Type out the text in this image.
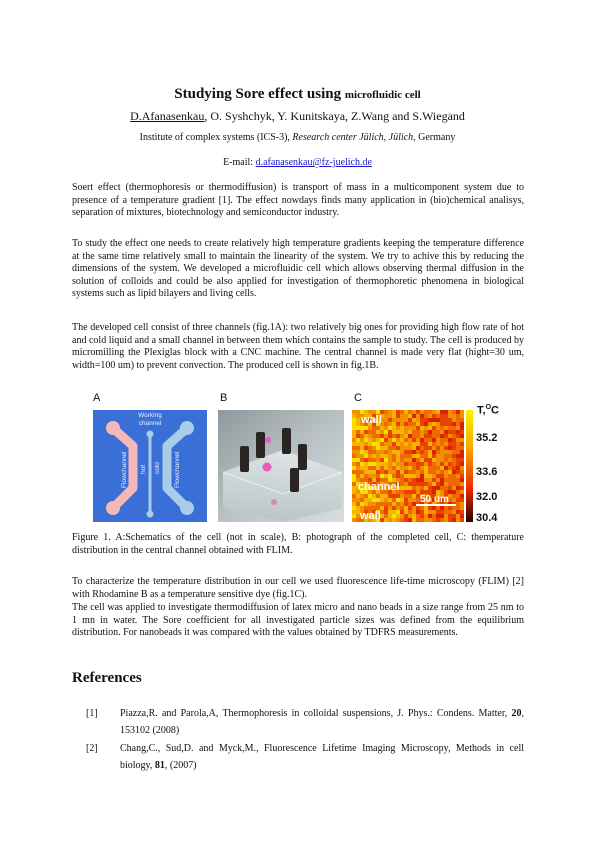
Studying Sore effect using microfluidic cell
D.Afanasenkau, O. Syshchyk, Y. Kunitskaya, Z.Wang and S.Wiegand
Institute of complex systems (ICS-3), Research center Jülich, Jülich, Germany
E-mail: d.afanasenkau@fz-juelich.de
Soert effect (thermophoresis or thermodiffusion) is transport of mass in a multicomponent system due to presence of a temperature gradient [1]. The effect nowdays finds many application in (bio)chemical analisys, separation of mixtures, biotechnology and semiconductor industry.
To study the effect one needs to create relatively high temperature gradients keeping the temperature difference at the same time relatively small to maintain the linearity of the system. We try to achive this by reducing the dimensions of the system. We developed a microfluidic cell which allows observing thermal diffusion in the solution of colloids and could be also applied for investigation of thermophoretic phenomena in biological systems such as lipid bilayers and living cells.
The developed cell consist of three channels (fig.1A): two relatively big ones for providing high flow rate of hot and cold liquid and a small channel in between them which contains the sample to study. The cell is produced by micromilling the Plexiglas block with a CNC machine. The central channel is made very flat (hight=30 um, width=100 um) to prevent convection. The produced cell is shown in fig.1B.
A	B	C
Working channel
Flowchannel hot cold Flowchannel
wall
channel
50 um
wall
35.2
33.6
32.0
30.4
T,$^O$C
Figure 1. A:Schematics of the cell (not in scale), B: photograph of the completed cell, C: themperature distribution in the central channel obtained with FLIM.
To characterize the temperature distribution in our cell we used fluorescence life-time microscopy (FLIM) [2] with Rhodamine B as a temperature sensitive dye (fig.1C).
The cell was applied to investigate thermodiffusion of latex micro and nano beads in a size range from 25 nm to 1 mn in water. The Sore coefficient for all investigated particle sizes was defined from the equilibrium distribution. For nanobeads it was compared with the values obtained by TDFRS measurements.
References
[1]	Piazza,R. and Parola,A, Thermophoresis in colloidal suspensions, J. Phys.: Condens. Matter, 20, 153102 (2008)
[2]	Chang,C., Sud,D. and Myck,M., Fluorescence Lifetime Imaging Microscopy, Methods in cell biology, 81, (2007)
